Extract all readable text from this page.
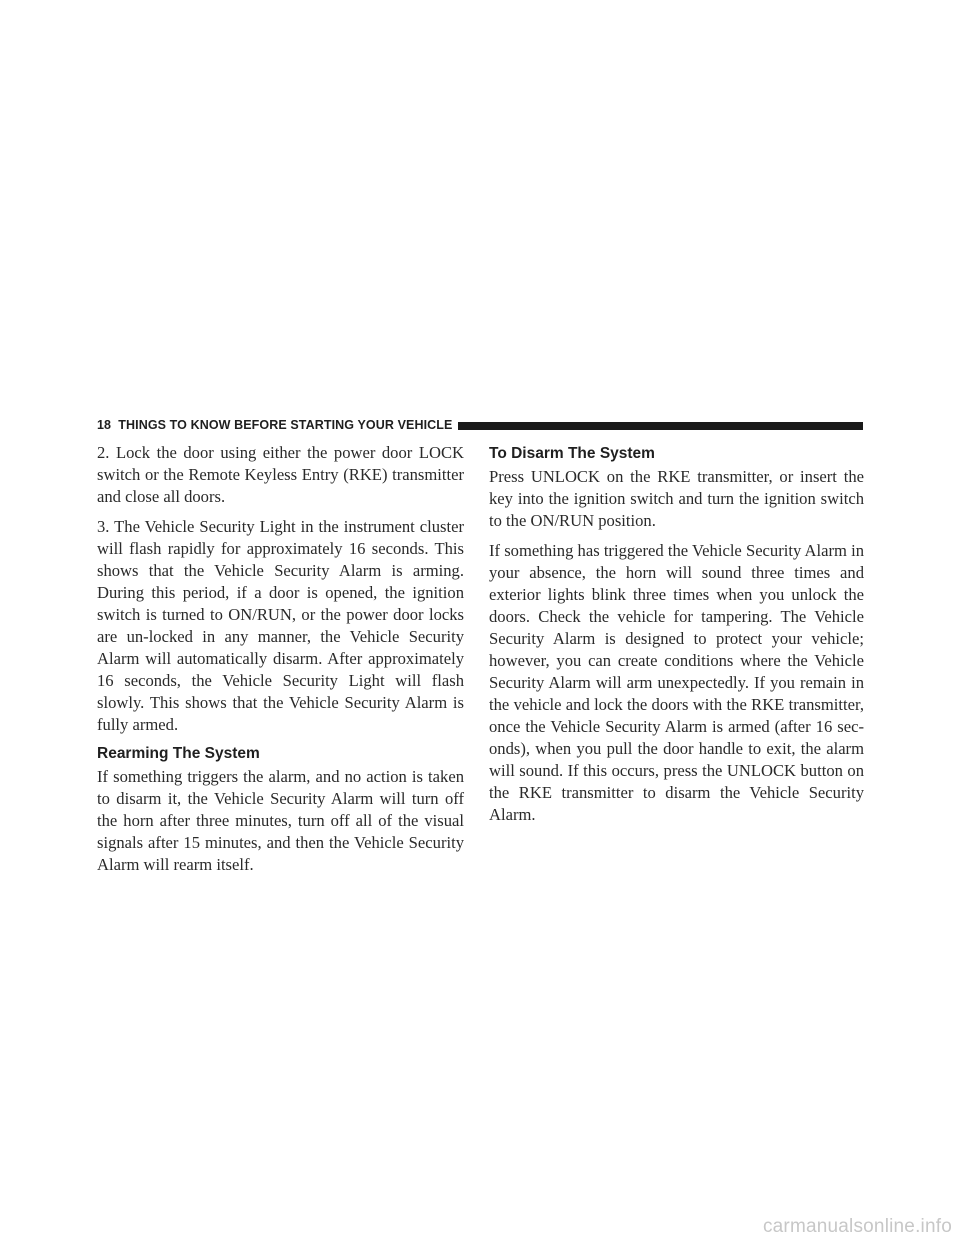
18 THINGS TO KNOW BEFORE STARTING YOUR VEHICLE

2. Lock the door using either the power door LOCK switch or the Remote Keyless Entry (RKE) transmitter and close all doors.

3. The Vehicle Security Light in the instrument cluster will flash rapidly for approximately 16 seconds. This shows that the Vehicle Security Alarm is arming. During this period, if a door is opened, the ignition switch is turned to ON/RUN, or the power door locks are un-locked in any manner, the Vehicle Security Alarm will automatically disarm. After approximately 16 seconds, the Vehicle Security Light will flash slowly. This shows that the Vehicle Security Alarm is fully armed.

Rearming The System

If something triggers the alarm, and no action is taken to disarm it, the Vehicle Security Alarm will turn off the horn after three minutes, turn off all of the visual signals after 15 minutes, and then the Vehicle Security Alarm will rearm itself.

To Disarm The System

Press UNLOCK on the RKE transmitter, or insert the key into the ignition switch and turn the ignition switch to the ON/RUN position.

If something has triggered the Vehicle Security Alarm in your absence, the horn will sound three times and exterior lights blink three times when you unlock the doors. Check the vehicle for tampering. The Vehicle Security Alarm is designed to protect your vehicle; however, you can create conditions where the Vehicle Security Alarm will arm unexpectedly. If you remain in the vehicle and lock the doors with the RKE transmitter, once the Vehicle Security Alarm is armed (after 16 sec-onds), when you pull the door handle to exit, the alarm will sound. If this occurs, press the UNLOCK button on the RKE transmitter to disarm the Vehicle Security Alarm.

carmanualsonline.info
